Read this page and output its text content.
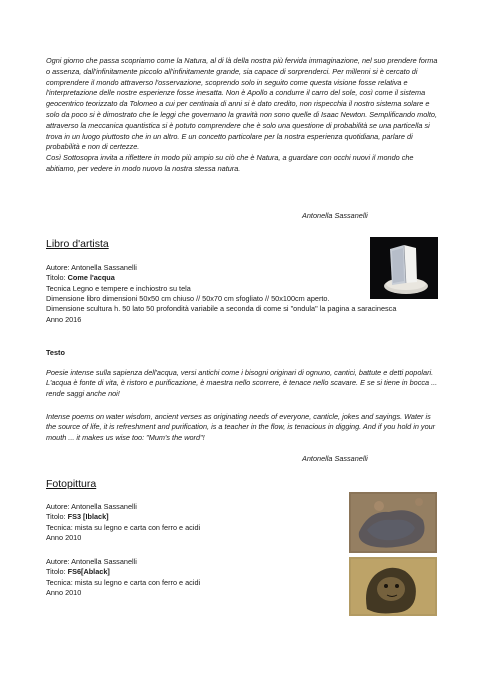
Ogni giorno che passa scopriamo come la Natura, al di là della nostra più fervida immaginazione, nel suo prendere forma o assenza, dall'infinitamente piccolo all'infinitamente grande, sia capace di sorprenderci. Per millenni si è cercato di comprendere il mondo attraverso l'osservazione, scoprendo solo in seguito come questa visione fosse relativa e l'interpretazione delle nostre esperienze fosse inesatta. Non è Apollo a condurre il carro del sole, così come il sistema geocentrico teorizzato da Tolomeo a cui per centinaia di anni si è dato credito, non rispecchia il nostro sistema solare e solo da poco si è dimostrato che le leggi che governano la gravità non sono quelle di Isaac Newton. Semplificando molto, attraverso la meccanica quantistica si è potuto comprendere che è solo una questione di probabilità se una particella si trova in un luogo piuttosto che in un altro. E un concetto particolare per la nostra esperienza quotidiana, parlare di probabilità e non di certezze.
Così Sottosopra invita a riflettere in modo più ampio su ciò che è Natura, a guardare con occhi nuovi il mondo che abitiamo, per vedere in modo nuovo la nostra stessa natura.

Antonella Sassanelli
Libro d'artista
Autore: Antonella Sassanelli
Titolo: Come l'acqua
Tecnica Legno e tempere e inchiostro su tela
Dimensione libro dimensioni 50x50 cm chiuso // 50x70 cm sfogliato // 50x100cm aperto.
Dimensione scultura h. 50 lato 50 profondità variabile a seconda di come si "ondula" la pagina a saracinesca
Anno 2016
Testo
Poesie intense sulla sapienza dell'acqua, versi antichi come i bisogni originari di ognuno, cantici, battute e detti popolari. L'acqua è fonte di vita, è ristoro e purificazione, è maestra nello scorrere, è tenace nello scavare. E se si tiene in bocca ... rende saggi anche noi!
Intense poems on water wisdom, ancient verses as originating needs of everyone, canticle, jokes and sayings. Water is the source of life, it is refreshment and purification, is a teacher in the flow, is tenacious in digging. And if you hold in your mouth ... it makes us wise too: "Mum's the word"!
Antonella Sassanelli
Fotopittura
Autore: Antonella Sassanelli
Titolo: FS3 [Iblack]
Tecnica: mista su legno e carta con ferro e acidi
Anno 2010
Autore: Antonella Sassanelli
Titolo: FS6[Ablack]
Tecnica: mista su legno e carta con ferro e acidi
Anno 2010
